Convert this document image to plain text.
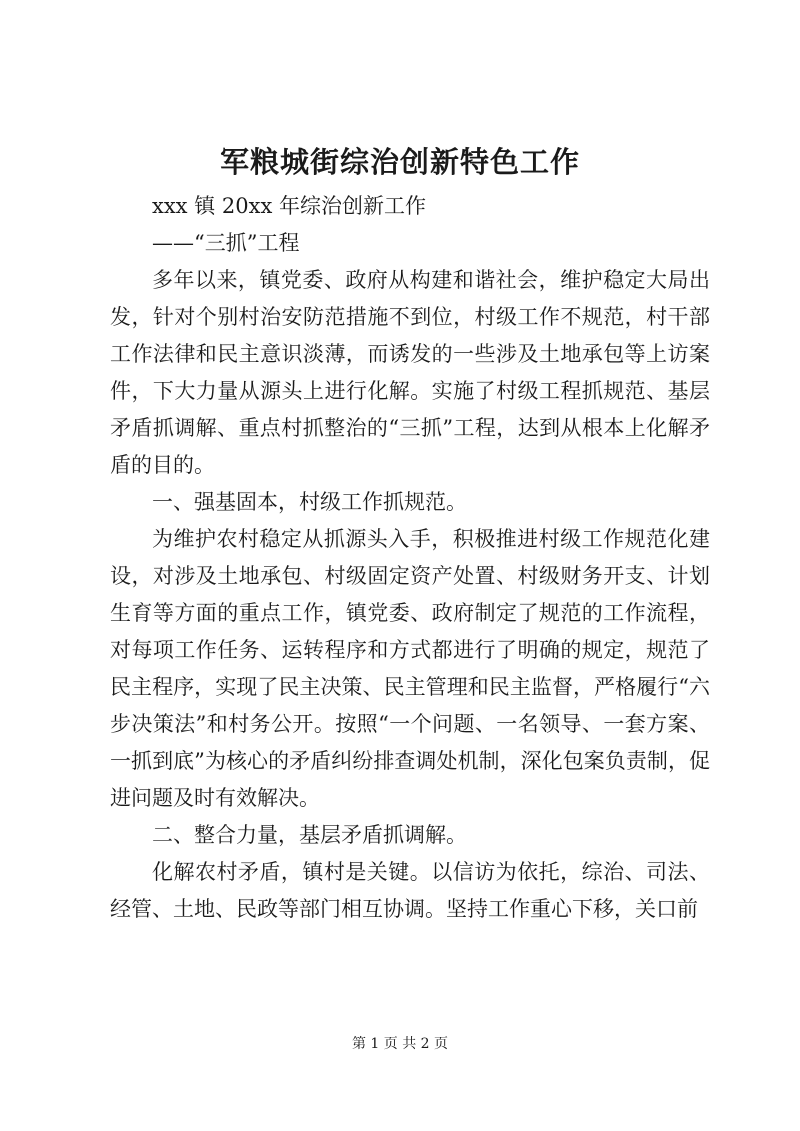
军粮城街综治创新特色工作

xxx 镇 20xx 年综治创新工作

——“三抓”工程

多年以来，镇党委、政府从构建和谐社会，维护稳定大局出发，针对个别村治安防范措施不到位，村级工作不规范，村干部工作法律和民主意识淡薄，而诱发的一些涉及土地承包等上访案件，下大力量从源头上进行化解。实施了村级工程抓规范、基层矛盾抓调解、重点村抓整治的“三抓”工程，达到从根本上化解矛盾的目的。

一、强基固本，村级工作抓规范。

为维护农村稳定从抓源头入手，积极推进村级工作规范化建设，对涉及土地承包、村级固定资产处置、村级财务开支、计划生育等方面的重点工作，镇党委、政府制定了规范的工作流程，对每项工作任务、运转程序和方式都进行了明确的规定，规范了民主程序，实现了民主决策、民主管理和民主监督，严格履行“六步决策法”和村务公开。按照“一个问题、一名领导、一套方案、一抓到底”为核心的矛盾纠纷排查调处机制，深化包案负责制，促进问题及时有效解决。

二、整合力量，基层矛盾抓调解。

化解农村矛盾，镇村是关键。以信访为依托，综治、司法、经管、土地、民政等部门相互协调。坚持工作重心下移，关口前

第 1 页 共 2 页
